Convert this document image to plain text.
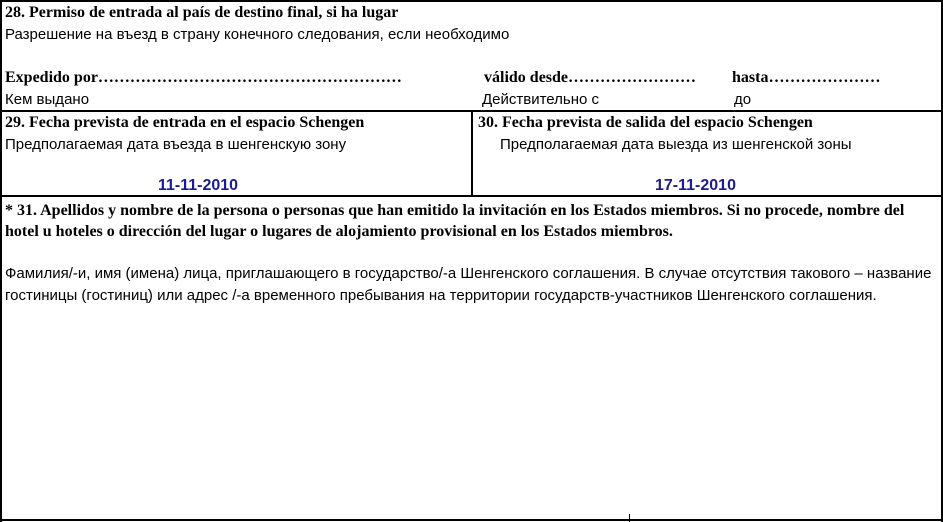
28. Permiso de entrada al país de destino final, si ha lugar
Разрешение на въезд в страну конечного следования, если необходимо
Expedido por…………………………………………………	válido desde…………………… hasta…………………
Кем выдано	Действительно с	до
29. Fecha prevista de entrada en el espacio Schengen
Предполагаемая дата въезда в шенгенскую зону
11-11-2010
30. Fecha prevista de salida del espacio Schengen
Предполагаемая дата выезда из шенгенской зоны
17-11-2010
* 31. Apellidos y nombre de la persona o personas que han emitido la invitación en los Estados miembros. Si no procede, nombre del hotel u hoteles o dirección del lugar o lugares de alojamiento provisional en los Estados miembros.
Фамилия/-и, имя (имена) лица, приглашающего в государство/-а Шенгенского соглашения. В случае отсутствия такового – название гостиницы (гостиниц) или адрес /-а временного пребывания на территории государств-участников Шенгенского соглашения.
